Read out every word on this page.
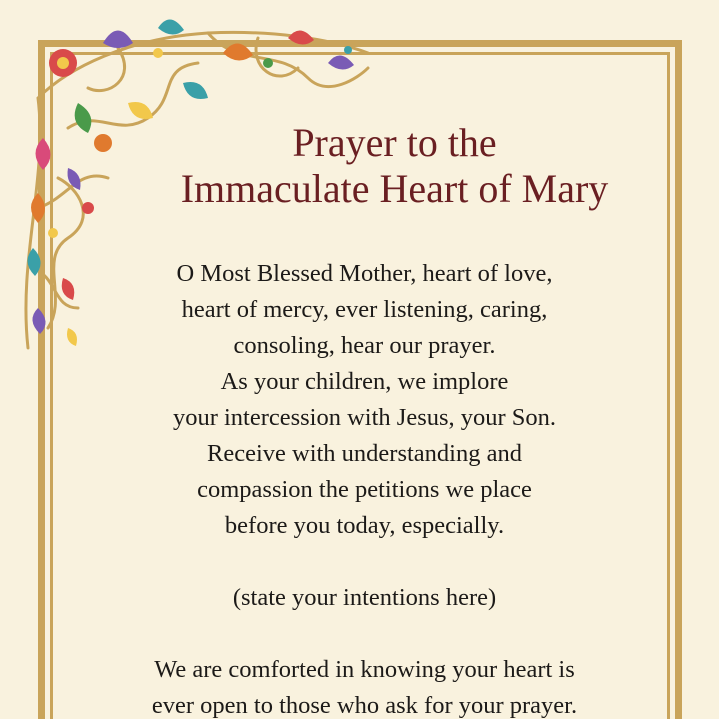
Prayer to the
Immaculate Heart of Mary

O Most Blessed Mother, heart of love,
heart of mercy, ever listening, caring,
consoling, hear our prayer.
As your children, we implore
your intercession with Jesus, your Son.
Receive with understanding and
compassion the petitions we place
before you today, especially.

(state your intentions here)

We are comforted in knowing your heart is
ever open to those who ask for your prayer.
